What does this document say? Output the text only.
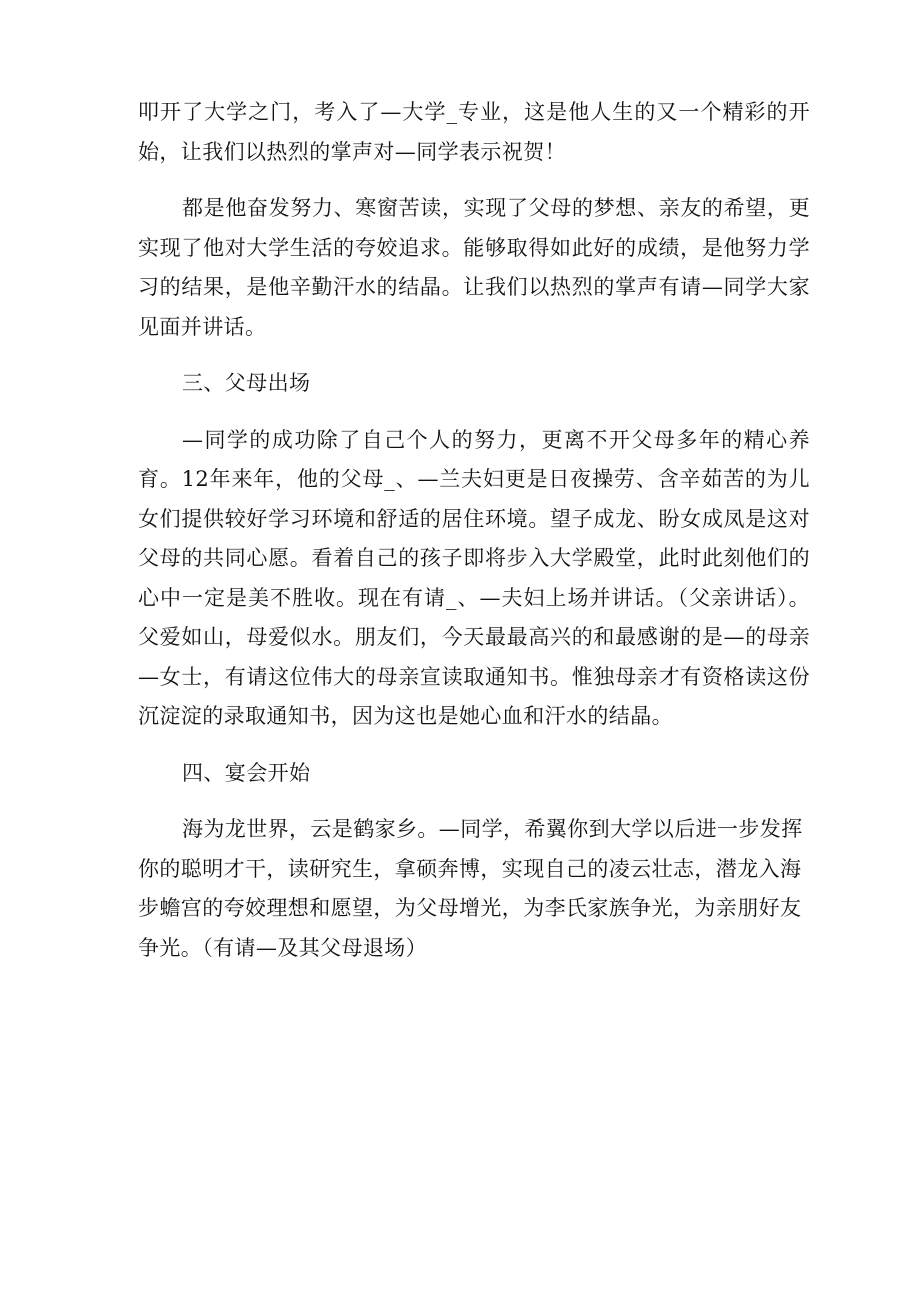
叩开了大学之门，考入了—大学_专业，这是他人生的又一个精彩的开始，让我们以热烈的掌声对—同学表示祝贺！

都是他奋发努力、寒窗苦读，实现了父母的梦想、亲友的希望，更实现了他对大学生活的夸姣追求。能够取得如此好的成绩，是他努力学习的结果，是他辛勤汗水的结晶。让我们以热烈的掌声有请—同学大家见面并讲话。

三、父母出场

—同学的成功除了自己个人的努力，更离不开父母多年的精心养育。12年来年，他的父母_、—兰夫妇更是日夜操劳、含辛茹苦的为儿女们提供较好学习环境和舒适的居住环境。望子成龙、盼女成凤是这对父母的共同心愿。看着自己的孩子即将步入大学殿堂，此时此刻他们的心中一定是美不胜收。现在有请_、—夫妇上场并讲话。（父亲讲话）。父爱如山，母爱似水。朋友们，今天最最高兴的和最感谢的是—的母亲—女士，有请这位伟大的母亲宣读取通知书。惟独母亲才有资格读这份沉淀淀的录取通知书，因为这也是她心血和汗水的结晶。

四、宴会开始

海为龙世界，云是鹤家乡。—同学，希翼你到大学以后进一步发挥你的聪明才干，读研究生，拿硕奔博，实现自己的凌云壮志，潜龙入海步蟾宫的夸姣理想和愿望，为父母增光，为李氏家族争光，为亲朋好友争光。（有请—及其父母退场）
